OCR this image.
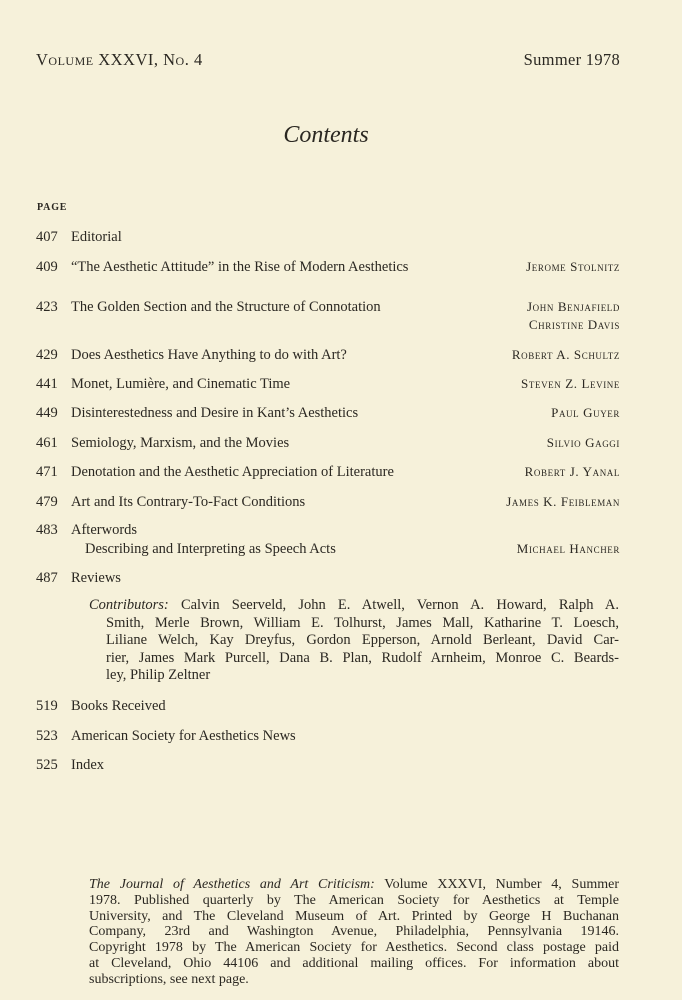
Volume XXXVI, No. 4	Summer 1978
Contents
PAGE
407 Editorial
409 “The Aesthetic Attitude” in the Rise of Modern Aesthetics	Jerome Stolnitz
423 The Golden Section and the Structure of Connotation	John Benjafield
Christine Davis
429 Does Aesthetics Have Anything to do with Art?	Robert A. Schultz
441 Monet, Lumière, and Cinematic Time	Steven Z. Levine
449 Disinterestedness and Desire in Kant’s Aesthetics	Paul Guyer
461 Semiology, Marxism, and the Movies	Silvio Gaggi
471 Denotation and the Aesthetic Appreciation of Literature	Robert J. Yanal
479 Art and Its Contrary-To-Fact Conditions	James K. Feibleman
483 Afterwords
Describing and Interpreting as Speech Acts	Michael Hancher
487 Reviews
Contributors: Calvin Seerveld, John E. Atwell, Vernon A. Howard, Ralph A.
Smith, Merle Brown, William E. Tolhurst, James Mall, Katharine T. Loesch,
Liliane Welch, Kay Dreyfus, Gordon Epperson, Arnold Berleant, David Car-
rier, James Mark Purcell, Dana B. Plan, Rudolf Arnheim, Monroe C. Beards-
ley, Philip Zeltner
519 Books Received
523 American Society for Aesthetics News
525 Index
The Journal of Aesthetics and Art Criticism: Volume XXXVI, Number 4, Summer
1978. Published quarterly by The American Society for Aesthetics at Temple
University, and The Cleveland Museum of Art. Printed by George H Buchanan
Company, 23rd and Washington Avenue, Philadelphia, Pennsylvania 19146.
Copyright 1978 by The American Society for Aesthetics. Second class postage paid
at Cleveland, Ohio 44106 and additional mailing offices. For information about
subscriptions, see next page.
